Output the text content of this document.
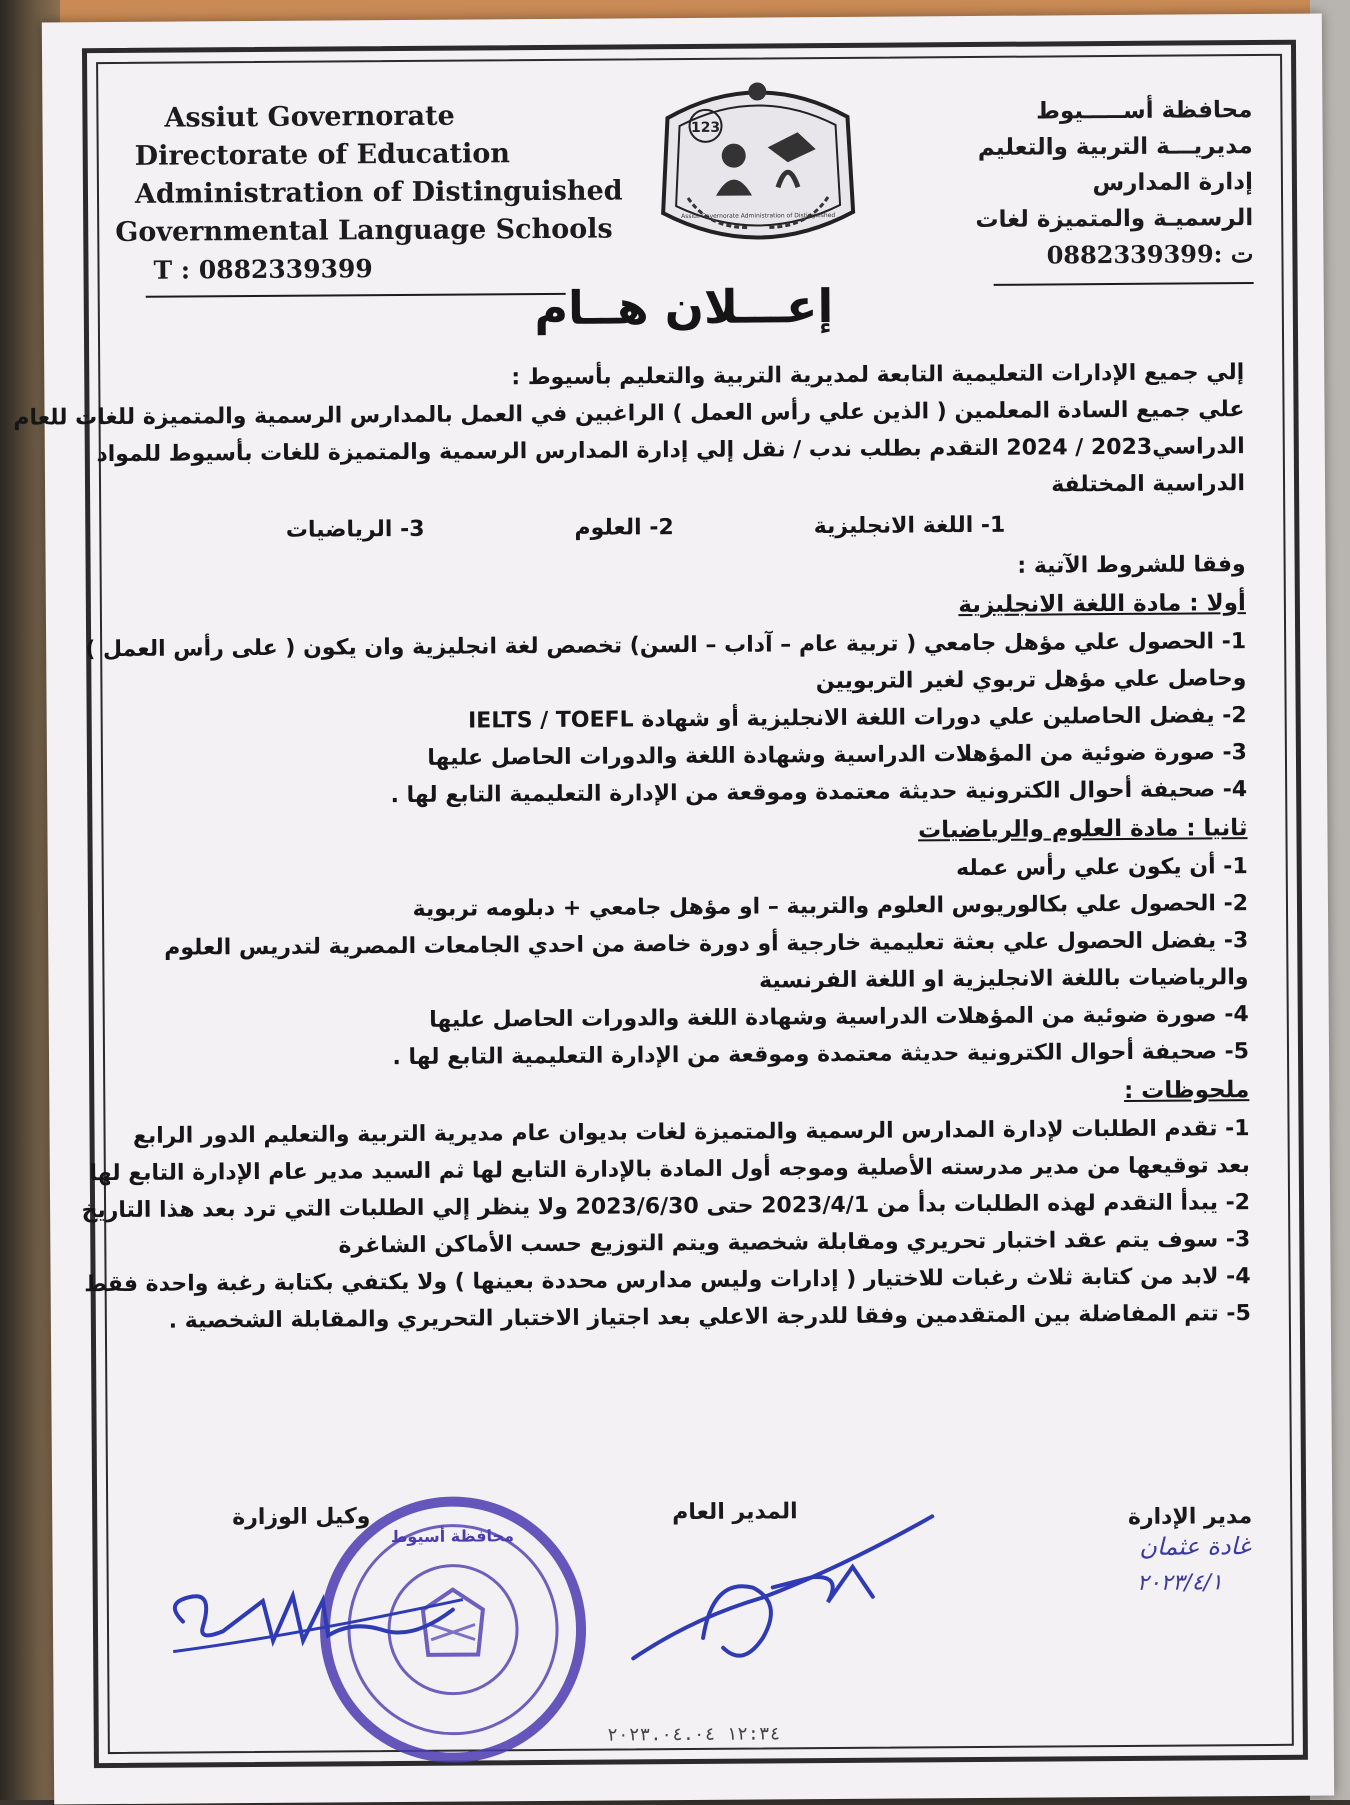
Assiut Governorate
Directorate of Education
Administration of Distinguished
Governmental Language Schools
T : 0882339399
123
Assiut Governorate Administration of Distinguished
محافظة أســـــيوط
مديريـــة التربية والتعليم
إدارة المدارس
الرسميـة والمتميزة لغات
ت :0882339399
إعـــلان هــام
إلي جميع الإدارات التعليمية التابعة لمديرية التربية والتعليم بأسيوط :
علي جميع السادة المعلمين ( الذين علي رأس العمل ) الراغبين في العمل بالمدارس الرسمية والمتميزة للغات للعام
الدراسي2023 / 2024 التقدم بطلب ندب / نقل إلي إدارة المدارس الرسمية والمتميزة للغات بأسيوط للمواد
الدراسية المختلفة
1- اللغة الانجليزية
2- العلوم
3- الرياضيات
وفقا للشروط الآتية :
أولا : مادة اللغة الانجليزية
1- الحصول علي مؤهل جامعي ( تربية عام – آداب – السن) تخصص لغة انجليزية وان يكون ( على رأس العمل )
وحاصل علي مؤهل تربوي لغير التربويين
2- يفضل الحاصلين علي دورات اللغة الانجليزية أو شهادة IELTS / TOEFL
3- صورة ضوئية من المؤهلات الدراسية وشهادة اللغة والدورات الحاصل عليها
4- صحيفة أحوال الكترونية حديثة معتمدة وموقعة من الإدارة التعليمية التابع لها .
ثانيا : مادة العلوم والرياضيات
1- أن يكون علي رأس عمله
2- الحصول علي بكالوريوس العلوم والتربية – او مؤهل جامعي + دبلومه تربوية
3- يفضل الحصول علي بعثة تعليمية خارجية أو دورة خاصة من احدي الجامعات المصرية لتدريس العلوم
والرياضيات باللغة الانجليزية او اللغة الفرنسية
4- صورة ضوئية من المؤهلات الدراسية وشهادة اللغة والدورات الحاصل عليها
5- صحيفة أحوال الكترونية حديثة معتمدة وموقعة من الإدارة التعليمية التابع لها .
ملحوظات :
1- تقدم الطلبات لإدارة المدارس الرسمية والمتميزة لغات بديوان عام مديرية التربية والتعليم الدور الرابع
بعد توقيعها من مدير مدرسته الأصلية وموجه أول المادة بالإدارة التابع لها ثم السيد مدير عام الإدارة التابع لها
2- يبدأ التقدم لهذه الطلبات بدأ من 2023/4/1 حتى 2023/6/30 ولا ينظر إلي الطلبات التي ترد بعد هذا التاريخ
3- سوف يتم عقد اختبار تحريري ومقابلة شخصية ويتم التوزيع حسب الأماكن الشاغرة
4- لابد من كتابة ثلاث رغبات للاختيار ( إدارات وليس مدارس محددة بعينها ) ولا يكتفي بكتابة رغبة واحدة فقط
5- تتم المفاضلة بين المتقدمين وفقا للدرجة الاعلي بعد اجتياز الاختبار التحريري والمقابلة الشخصية .
مدير الإدارة
غادة عثمان
٢٠٢٣/٤/١
المدير العام
وكيل الوزارة
محافظة أسيوط
١٢:٣٤ ٢٠٢٣.٠٤.٠٤
